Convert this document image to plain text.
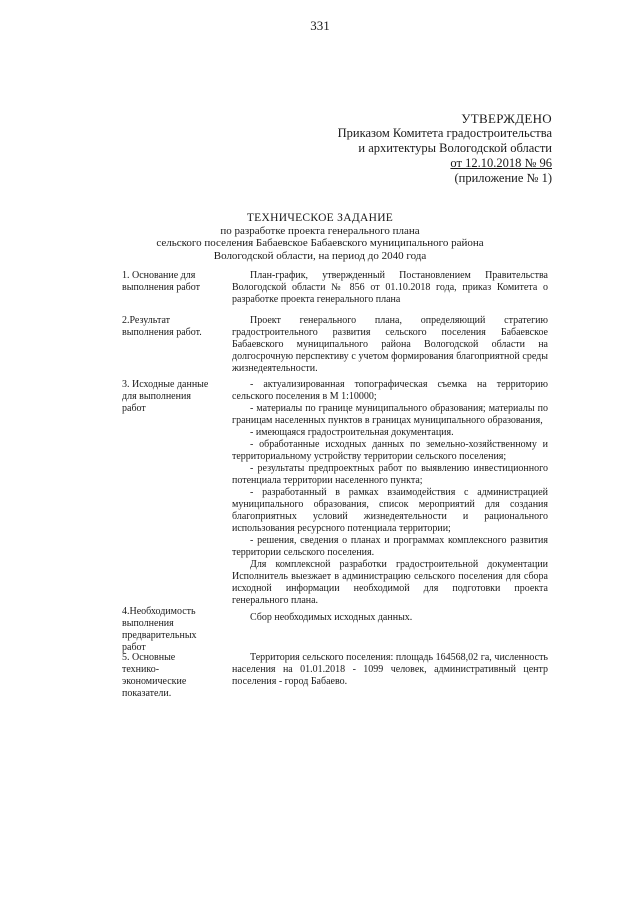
331
УТВЕРЖДЕНО
Приказом Комитета градостроительства
и архитектуры Вологодской области
от 12.10.2018 № 96
(приложение № 1)
ТЕХНИЧЕСКОЕ ЗАДАНИЕ
по разработке проекта генерального плана
сельского поселения Бабаевское Бабаевского муниципального района
Вологодской области, на период до 2040 года
1. Основание для выполнения работ

План-график, утвержденный Постановлением Правительства Вологодской области № 856 от 01.10.2018 года, приказ Комитета о разработке проекта генерального плана

2.Результат выполнения работ.

Проект генерального плана, определяющий стратегию градостроительного развития сельского поселения Бабаевское Бабаевского муниципального района Вологодской области на долгосрочную перспективу с учетом формирования благоприятной среды жизнедеятельности.

3. Исходные данные для выполнения работ

- актуализированная топографическая съемка на территорию сельского поселения в М 1:10000;

- материалы по границе муниципального образования; материалы по границам населенных пунктов в границах муниципального образования,

- имеющаяся градостроительная документация.

- обработанные исходных данных по земельно-хозяйственному и территориальному устройству территории сельского поселения;

- результаты предпроектных работ по выявлению инвестиционного потенциала территории населенного пункта;

- разработанный в рамках взаимодействия с администрацией муниципального образования, список мероприятий для создания благоприятных условий жизнедеятельности и рационального использования ресурсного потенциала территории;

- решения, сведения о планах и программах комплексного развития территории сельского поселения.

Для комплексной разработки градостроительной документации Исполнитель выезжает в администрацию сельского поселения для сбора исходной информации необходимой для подготовки проекта генерального плана.

4.Необходимость выполнения предварительных работ

Сбор необходимых исходных данных.

5. Основные технико-экономические показатели.

Территория сельского поселения: площадь 164568,02 га, численность населения на 01.01.2018 - 1099 человек, административный центр поселения - город Бабаево.
